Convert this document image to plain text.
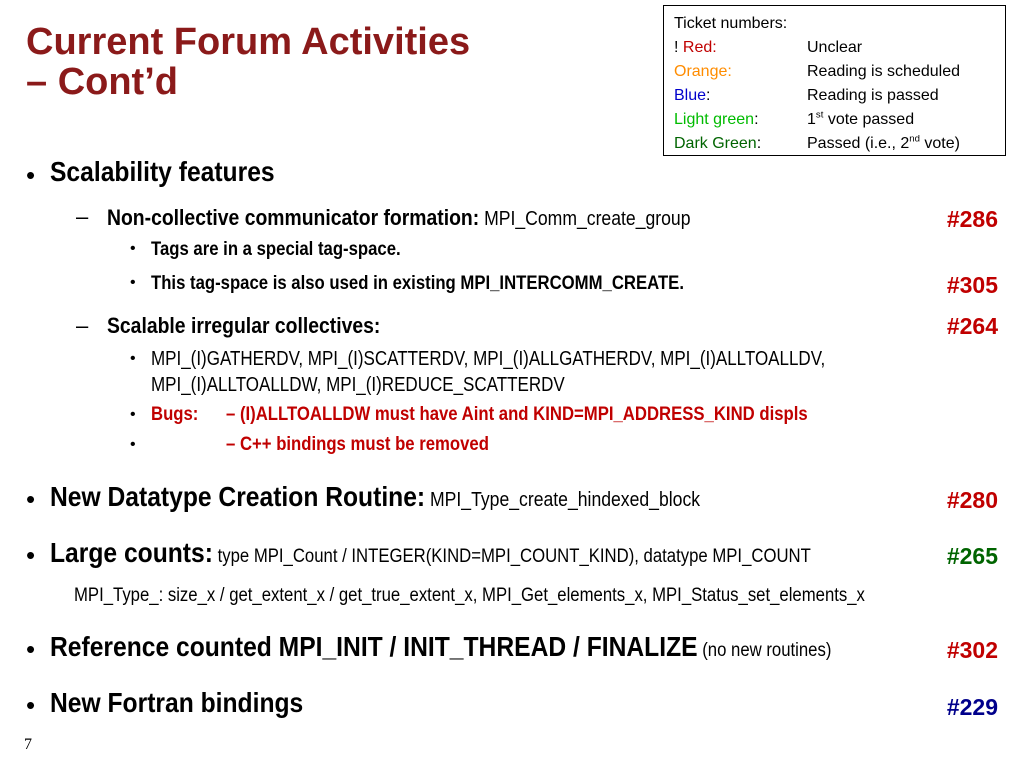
Current Forum Activities
– Cont’d
Ticket numbers:
! Red:	Unclear
Orange:	Reading is scheduled
Blue:	Reading is passed
Light green:	1st vote passed
Dark Green:	Passed (i.e., 2nd vote)
• Scalability features
– Non-collective communicator formation: MPI_Comm_create_group	#286
• Tags are in a special tag-space.
• This tag-space is also used in existing MPI_INTERCOMM_CREATE.	#305
– Scalable irregular collectives:	#264
• MPI_(I)GATHERDV, MPI_(I)SCATTERDV, MPI_(I)ALLGATHERDV, MPI_(I)ALLTOALLDV,
MPI_(I)ALLTOALLDW, MPI_(I)REDUCE_SCATTERDV
• Bugs: – (I)ALLTOALLDW must have Aint and KIND=MPI_ADDRESS_KIND displs
•	– C++ bindings must be removed
• New Datatype Creation Routine: MPI_Type_create_hindexed_block	#280
• Large counts: type MPI_Count / INTEGER(KIND=MPI_COUNT_KIND), datatype MPI_COUNT	#265
MPI_Type_: size_x / get_extent_x / get_true_extent_x, MPI_Get_elements_x, MPI_Status_set_elements_x
• Reference counted MPI_INIT / INIT_THREAD / FINALIZE (no new routines)	#302
• New Fortran bindings	#229
7
